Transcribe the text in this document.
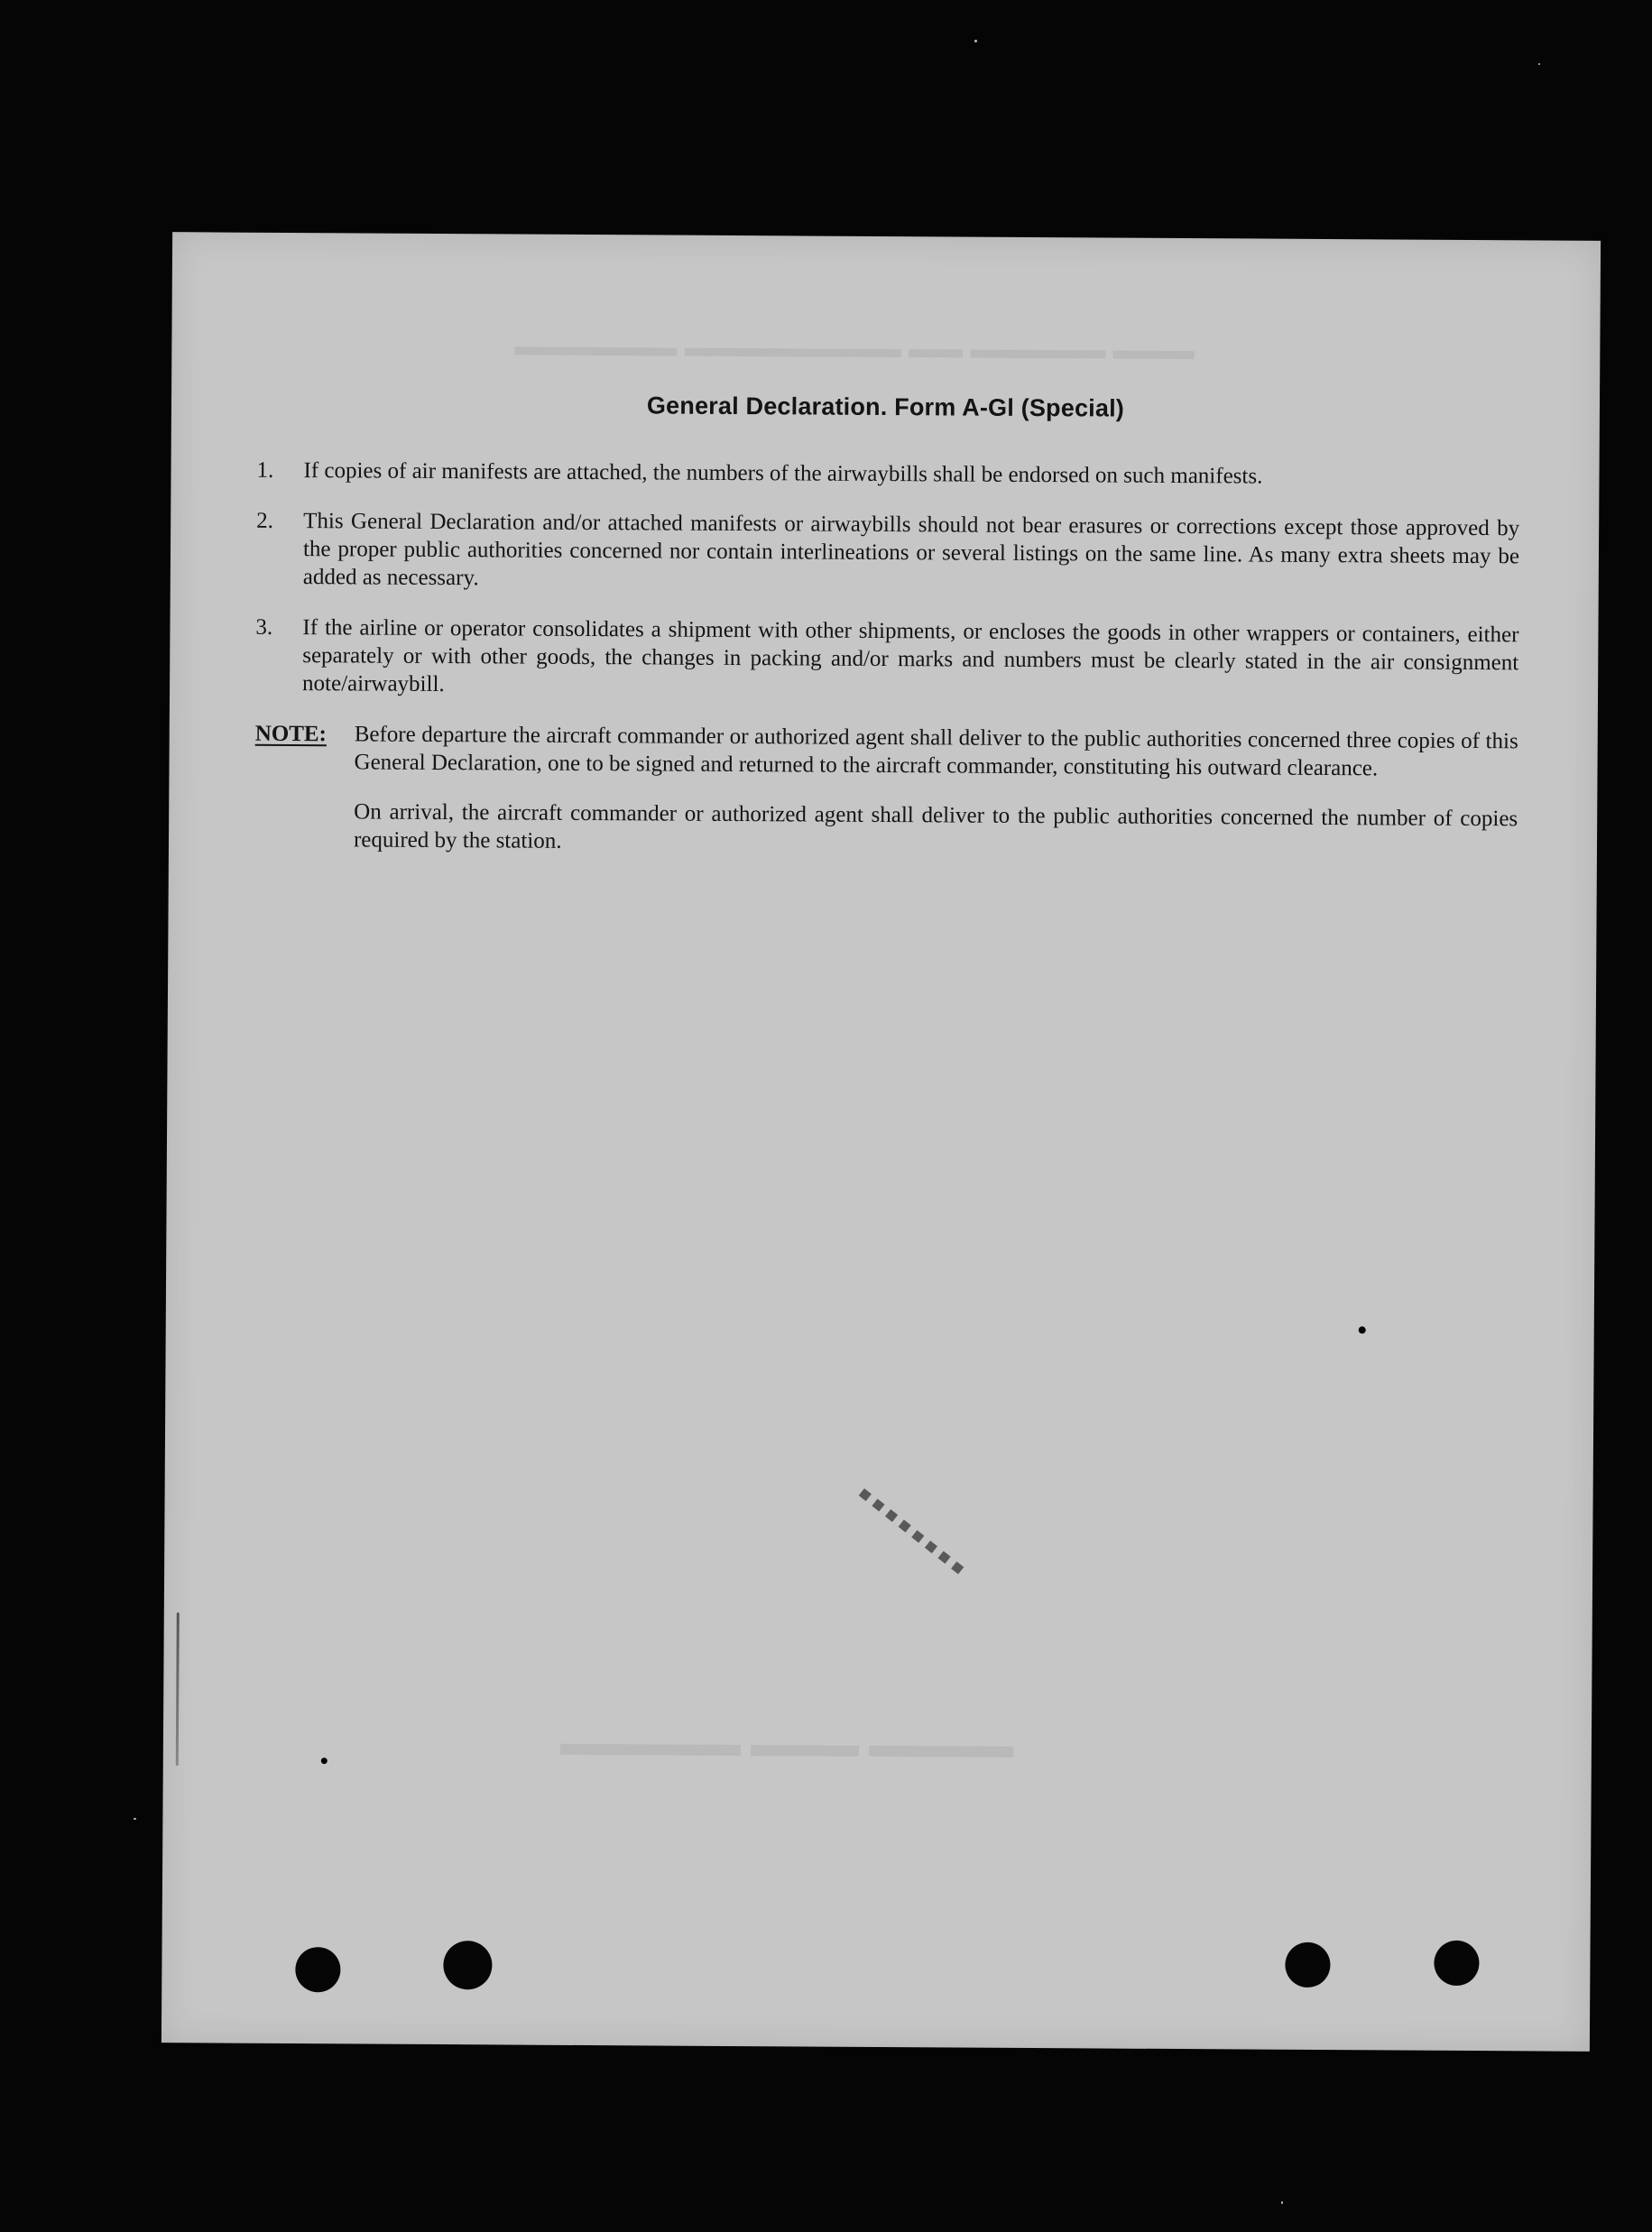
▬▬▬ ▬▬▬▬▬ ▬▬ ▬▬▬▬▬▬▬▬ ▬▬▬▬▬▬
▬▬▬▬ ▬▬▬ ▬▬▬▬▬
General Declaration. Form A-Gl (Special)
1.	If copies of air manifests are attached, the numbers of the airwaybills shall be endorsed on such manifests.
2.	This General Declaration and/or attached manifests or airwaybills should not bear erasures or corrections except those approved by the proper public authorities concerned nor contain interlineations or several listings on the same line. As many extra sheets may be added as necessary.
3.	If the airline or operator consolidates a shipment with other shipments, or encloses the goods in other wrappers or containers, either separately or with other goods, the changes in packing and/or marks and numbers must be clearly stated in the air consignment note/airwaybill.
NOTE:	Before departure the aircraft commander or authorized agent shall deliver to the public authorities concerned three copies of this General Declaration, one to be signed and returned to the aircraft commander, constituting his outward clearance.
On arrival, the aircraft commander or authorized agent shall deliver to the public authorities concerned the number of copies required by the station.
▪▪▪▪▪▪▪▪
